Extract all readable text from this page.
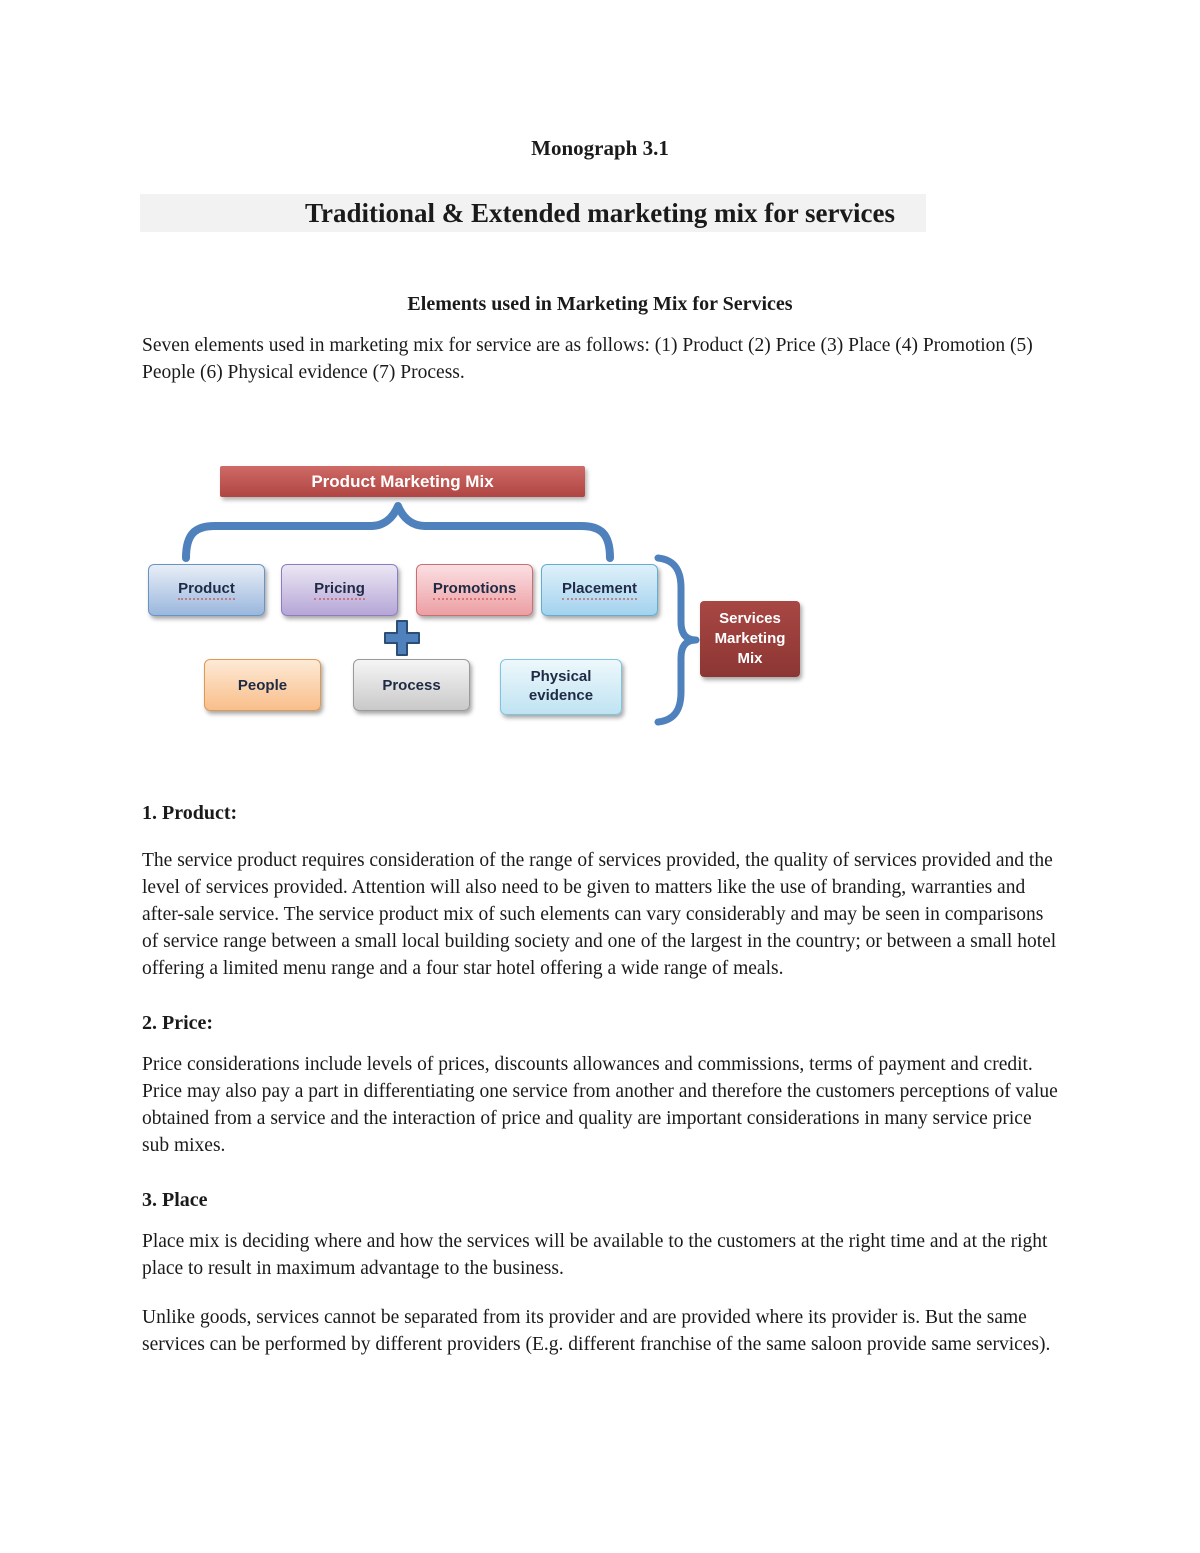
Monograph 3.1
Traditional & Extended marketing mix for services
Elements used in Marketing Mix for Services

Seven elements used in marketing mix for service are as follows: (1) Product (2) Price (3) Place (4) Promotion (5) People (6) Physical evidence (7) Process.

Product Marketing Mix
Product	Pricing	Promotions	Placement
People	Process	Physical evidence
Services Marketing Mix
1. Product:

The service product requires consideration of the range of services provided, the quality of services provided and the level of services provided. Attention will also need to be given to matters like the use of branding, warranties and after-sale service. The service product mix of such elements can vary considerably and may be seen in comparisons of service range between a small local building society and one of the largest in the country; or between a small hotel offering a limited menu range and a four star hotel offering a wide range of meals.

2. Price:

Price considerations include levels of prices, discounts allowances and commissions, terms of payment and credit. Price may also pay a part in differentiating one service from another and therefore the customers perceptions of value obtained from a service and the interaction of price and quality are important considerations in many service price sub mixes.

3. Place

Place mix is deciding where and how the services will be available to the customers at the right time and at the right place to result in maximum advantage to the business.

Unlike goods, services cannot be separated from its provider and are provided where its provider is. But the same services can be performed by different providers (E.g. different franchise of the same saloon provide same services).
